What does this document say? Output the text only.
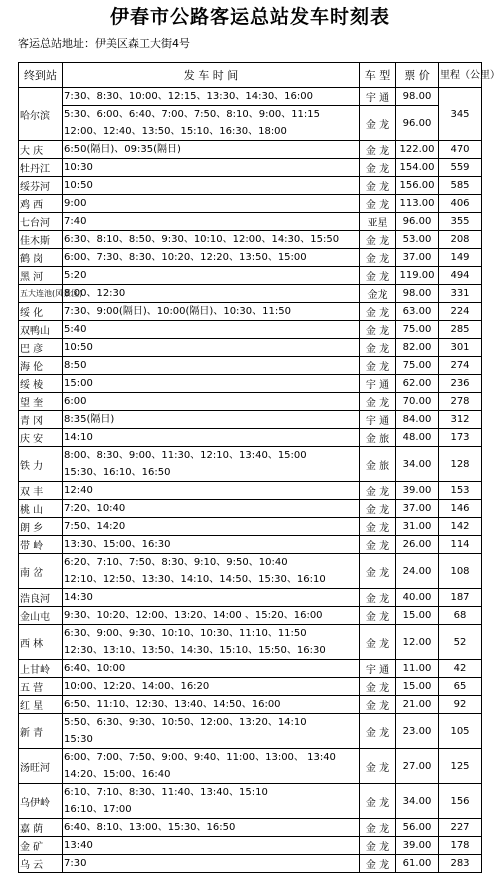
伊春市公路客运总站发车时刻表
客运总站地址：伊美区森工大街4号
终到站	发 车 时 间	车 型	票 价	里程（公里）
哈尔滨	7:30、8:30、10:00、12:15、13:30、14:30、16:00	宇 通	98.00	345

	5:30、6:00、6:40、7:00、7:50、8:10、9:00、11:15
12:00、12:40、13:50、15:10、16:30、18:00	金 龙	96.00	
大 庆	6:50(隔日)、09:35(隔日)	金 龙	122.00	470
牡丹江	10:30	金 龙	154.00	559
绥芬河	10:50	金 龙	156.00	585
鸡 西	9:00	金 龙	113.00	406
七台河	7:40	亚星	96.00	355
佳木斯	6:30、8:10、8:50、9:30、10:10、12:00、14:30、15:50	金 龙	53.00	208
鹤 岗	6:00、7:30、8:30、10:20、12:20、13:50、15:00	金 龙	37.00	149
黑 河	5:20	金 龙	119.00	494
五大连池(风景区)	8:00、12:30	金龙	98.00	331
绥 化	7:30、9:00(隔日)、10:00(隔日)、10:30、11:50	金 龙	63.00	224
双鸭山	5:40	金 龙	75.00	285
巴 彦	10:50	金 龙	82.00	301
海 伦	8:50	金 龙	75.00	274
绥 棱	15:00	宇 通	62.00	236
望 奎	6:00	金 龙	70.00	278
青 冈	8:35(隔日)	宇 通	84.00	312
庆 安	14:10	金 旅	48.00	173
铁 力	8:00、8:30、9:00、11:30、12:10、13:40、15:00
15:30、16:10、16:50	金 旅	34.00	128
双 丰	12:40	金 龙	39.00	153
桃 山	7:20、10:40	金 龙	37.00	146
朗 乡	7:50、14:20	金 龙	31.00	142
带 岭	13:30、15:00、16:30	金 龙	26.00	114
南 岔	6:20、7:10、7:50、8:30、9:10、9:50、10:40
12:10、12:50、13:30、14:10、14:50、15:30、16:10	金 龙	24.00	108
浩良河	14:30	金 龙	40.00	187
金山屯	9:30、10:20、12:00、13:20、14:00 、15:20、16:00	金 龙	15.00	68
西 林	6:30、9:00、9:30、10:10、10:30、11:10、11:50
12:30、13:10、13:50、14:30、15:10、15:50、16:30	金 龙	12.00	52
上甘岭	6:40、10:00	宇 通	11.00	42
五 营	10:00、12:20、14:00、16:20	金 龙	15.00	65
红 星	6:50、11:10、12:30、13:40、14:50、16:00	金 龙	21.00	92
新 青	5:50、6:30、9:30、10:50、12:00、13:20、14:10
15:30	金 龙	23.00	105
汤旺河	6:00、7:00、7:50、9:00、9:40、11:00、13:00、 13:40
14:20、15:00、16:40	金 龙	27.00	125
乌伊岭	6:10、7:10、8:30、11:40、13:40、15:10
16:10、17:00	金 龙	34.00	156
嘉 荫	6:40、8:10、13:00、15:30、16:50	金 龙	56.00	227
金 矿	13:40	金 龙	39.00	178
乌 云	7:30	金 龙	61.00	283
